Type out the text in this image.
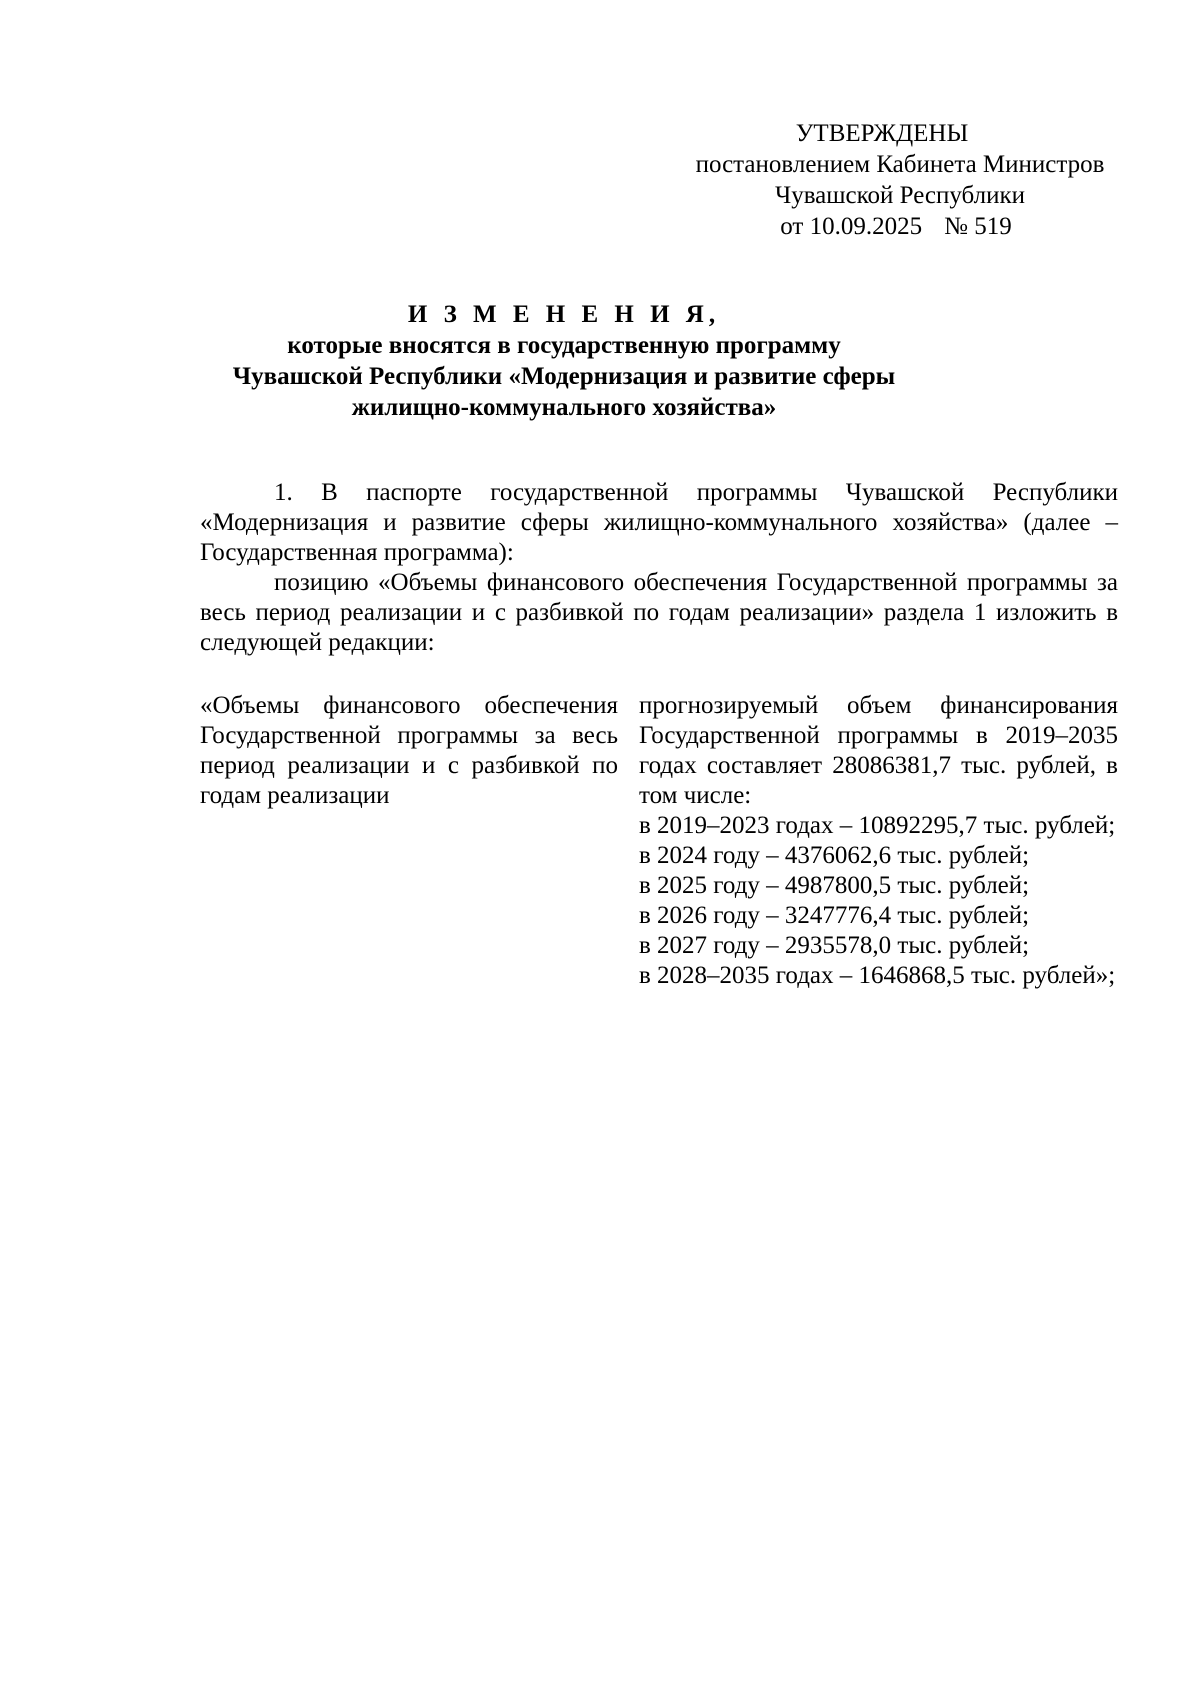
УТВЕРЖДЕНЫ
постановлением Кабинета Министров
Чувашской Республики
от 10.09.2025 № 519
И З М Е Н Е Н И Я,
которые вносятся в государственную программу
Чувашской Республики «Модернизация и развитие сферы
жилищно-коммунального хозяйства»

1. В паспорте государственной программы Чувашской Республики «Модернизация и развитие сферы жилищно-коммунального хозяйства» (далее – Государственная программа):

позицию «Объемы финансового обеспечения Государственной программы за весь период реализации и с разбивкой по годам реализации» раздела 1 изложить в следующей редакции:

«Объемы финансового обеспечения Государственной программы за весь период реализации и с разбивкой по годам реализации
прогнозируемый объем финансирования Государственной программы в 2019–2035 годах составляет 28086381,7 тыс. рублей, в том числе:
в 2019–2023 годах – 10892295,7 тыс. рублей;
в 2024 году – 4376062,6 тыс. рублей;
в 2025 году – 4987800,5 тыс. рублей;
в 2026 году – 3247776,4 тыс. рублей;
в 2027 году – 2935578,0 тыс. рублей;
в 2028–2035 годах – 1646868,5 тыс. рублей»;
